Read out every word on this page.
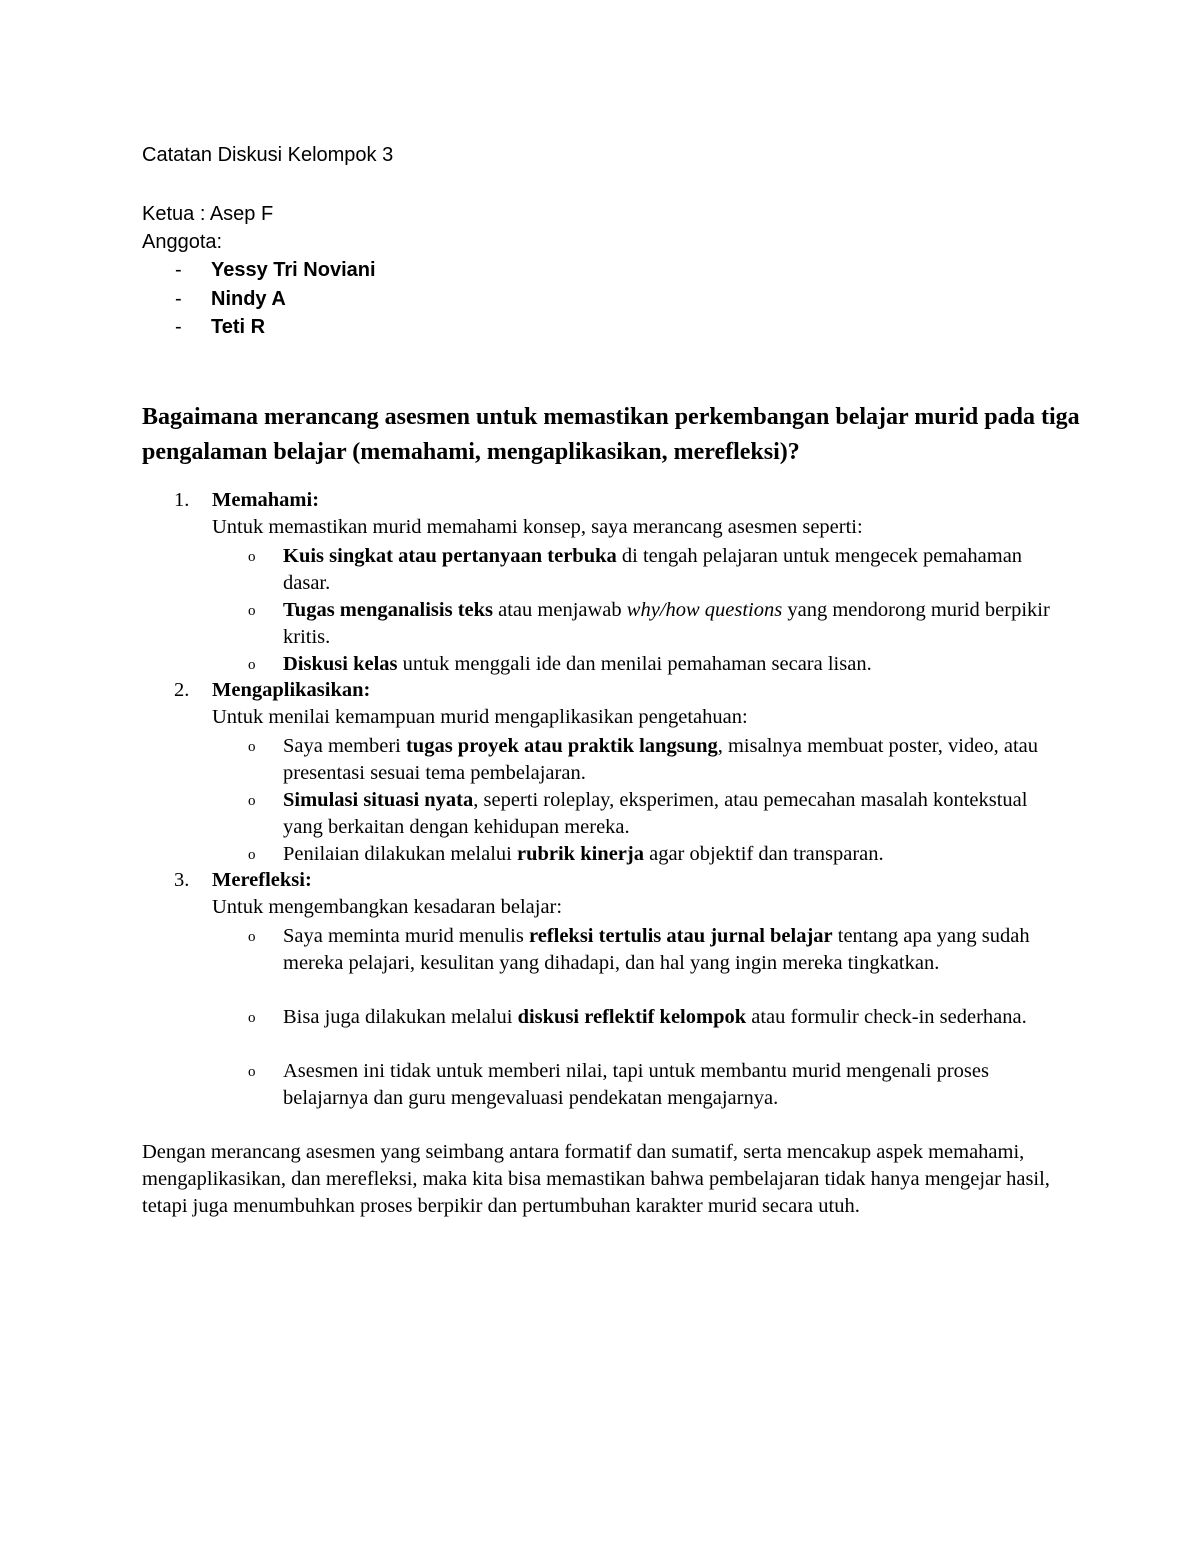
Catatan Diskusi Kelompok 3
Ketua : Asep F
Anggota:
- Yessy Tri Noviani
- Nindy A
- Teti R
Bagaimana merancang asesmen untuk memastikan perkembangan belajar murid pada tiga pengalaman belajar (memahami, mengaplikasikan, merefleksi)?
1. Memahami:
Untuk memastikan murid memahami konsep, saya merancang asesmen seperti:
o Kuis singkat atau pertanyaan terbuka di tengah pelajaran untuk mengecek pemahaman dasar.
o Tugas menganalisis teks atau menjawab why/how questions yang mendorong murid berpikir kritis.
o Diskusi kelas untuk menggali ide dan menilai pemahaman secara lisan.
2. Mengaplikasikan:
Untuk menilai kemampuan murid mengaplikasikan pengetahuan:
o Saya memberi tugas proyek atau praktik langsung, misalnya membuat poster, video, atau presentasi sesuai tema pembelajaran.
o Simulasi situasi nyata, seperti roleplay, eksperimen, atau pemecahan masalah kontekstual yang berkaitan dengan kehidupan mereka.
o Penilaian dilakukan melalui rubrik kinerja agar objektif dan transparan.
3. Merefleksi:
Untuk mengembangkan kesadaran belajar:
o Saya meminta murid menulis refleksi tertulis atau jurnal belajar tentang apa yang sudah mereka pelajari, kesulitan yang dihadapi, dan hal yang ingin mereka tingkatkan.
o Bisa juga dilakukan melalui diskusi reflektif kelompok atau formulir check-in sederhana.
o Asesmen ini tidak untuk memberi nilai, tapi untuk membantu murid mengenali proses belajarnya dan guru mengevaluasi pendekatan mengajarnya.

Dengan merancang asesmen yang seimbang antara formatif dan sumatif, serta mencakup aspek memahami, mengaplikasikan, dan merefleksi, maka kita bisa memastikan bahwa pembelajaran tidak hanya mengejar hasil, tetapi juga menumbuhkan proses berpikir dan pertumbuhan karakter murid secara utuh.
